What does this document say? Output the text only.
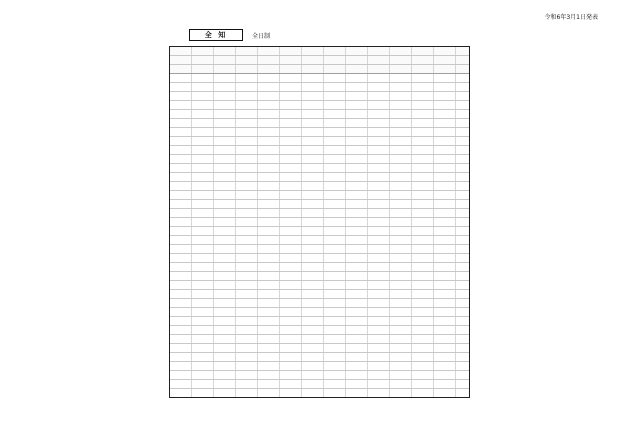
令和6年3月1日発表
全 知	全日制
